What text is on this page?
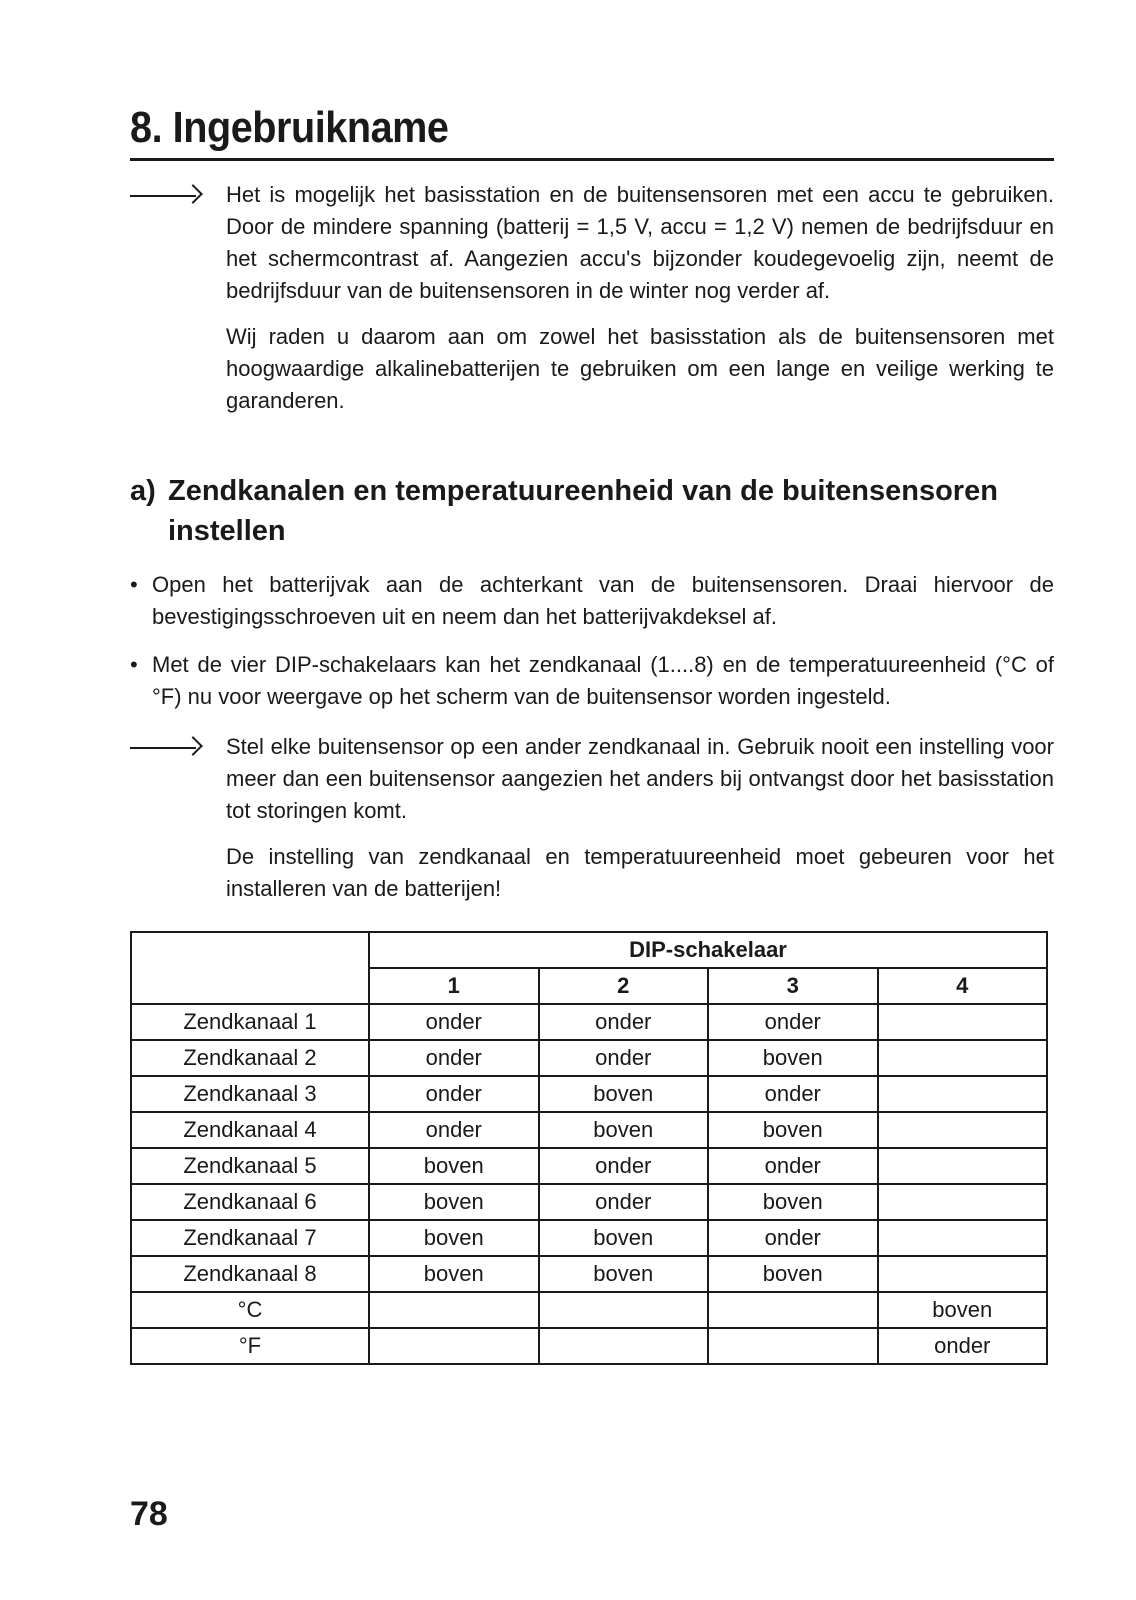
8. Ingebruikname

Het is mogelijk het basisstation en de buitensensoren met een accu te gebruiken. Door de mindere spanning (batterij = 1,5 V, accu = 1,2 V) nemen de bedrijfsduur en het schermcontrast af. Aangezien accu's bijzonder koudegevoelig zijn, neemt de bedrijfsduur van de buitensensoren in de winter nog verder af.

Wij raden u daarom aan om zowel het basisstation als de buitensensoren met hoogwaardige alkalinebatterijen te gebruiken om een lange en veilige werking te garanderen.

a) Zendkanalen en temperatuureenheid van de buitensensoren instellen
• Open het batterijvak aan de achterkant van de buitensensoren. Draai hiervoor de bevestigingsschroeven uit en neem dan het batterijvakdeksel af.
• Met de vier DIP-schakelaars kan het zendkanaal (1....8) en de temperatuureenheid (°C of °F) nu voor weergave op het scherm van de buitensensor worden ingesteld.

Stel elke buitensensor op een ander zendkanaal in. Gebruik nooit een instelling voor meer dan een buitensensor aangezien het anders bij ontvangst door het basisstation tot storingen komt.

De instelling van zendkanaal en temperatuureenheid moet gebeuren voor het installeren van de batterijen!

	DIP-schakelaar			
	1	2	3	4
Zendkanaal 1	onder	onder	onder	
Zendkanaal 2	onder	onder	boven	
Zendkanaal 3	onder	boven	onder	
Zendkanaal 4	onder	boven	boven	
Zendkanaal 5	boven	onder	onder	
Zendkanaal 6	boven	onder	boven	
Zendkanaal 7	boven	boven	onder	
Zendkanaal 8	boven	boven	boven	
°C				boven
°F				onder
78
